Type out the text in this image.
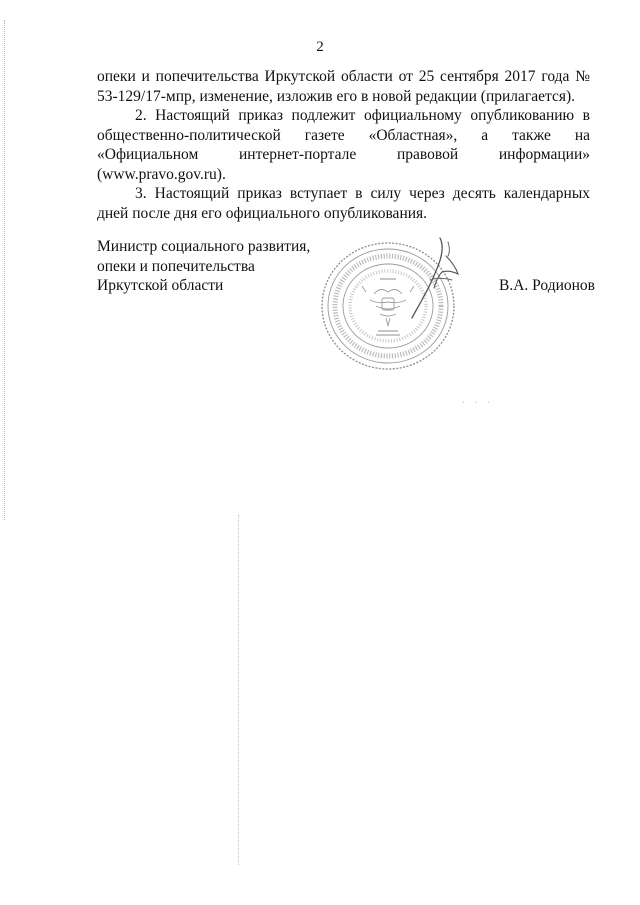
2

опеки и попечительства Иркутской области от 25 сентября 2017 года № 53-129/17-мпр, изменение, изложив его в новой редакции (прилагается).

2. Настоящий приказ подлежит официальному опубликованию в общественно-политической газете «Областная», а также на «Официальном интернет-портале правовой информации» (www.pravo.gov.ru).

3. Настоящий приказ вступает в силу через десять календарных дней после дня его официального опубликования.

Министр социального развития,
опеки и попечительства
Иркутской области	В.А. Родионов
· · ·
